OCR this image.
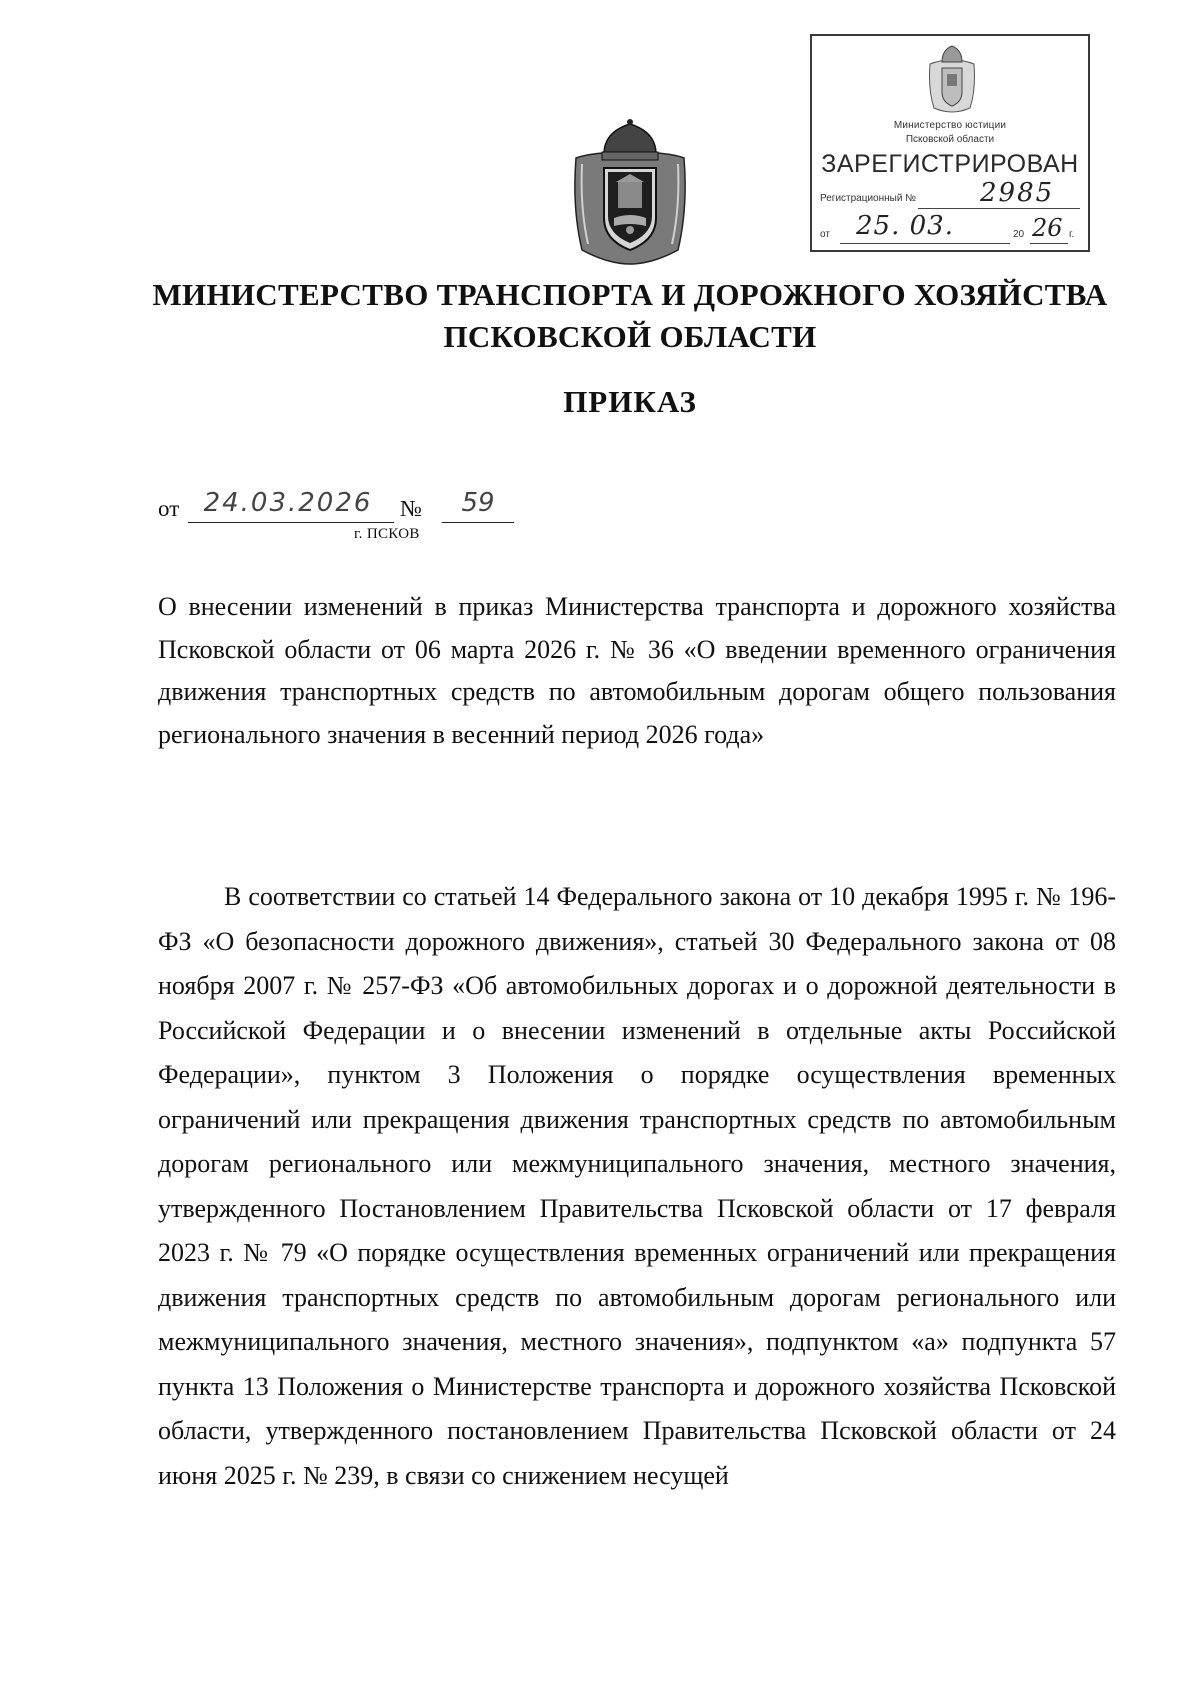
Министерство юстиции
Псковской области
ЗАРЕГИСТРИРОВАН
Регистрационный № 2985
от 25. 03.	20 26 г.
МИНИСТЕРСТВО ТРАНСПОРТА И ДОРОЖНОГО ХОЗЯЙСТВА ПСКОВСКОЙ ОБЛАСТИ
ПРИКАЗ
от 24.03.2026	№	59
г. ПСКОВ
О внесении изменений в приказ Министерства транспорта и дорожного хозяйства Псковской области от 06 марта 2026 г. № 36 «О введении временного ограничения движения транспортных средств по автомобильным дорогам общего пользования регионального значения в весенний период 2026 года»
В соответствии со статьей 14 Федерального закона от 10 декабря 1995 г. № 196-ФЗ «О безопасности дорожного движения», статьей 30 Федерального закона от 08 ноября 2007 г. № 257-ФЗ «Об автомобильных дорогах и о дорожной деятельности в Российской Федерации и о внесении изменений в отдельные акты Российской Федерации», пунктом 3 Положения о порядке осуществления временных ограничений или прекращения движения транспортных средств по автомобильным дорогам регионального или межмуниципального значения, местного значения, утвержденного Постановлением Правительства Псковской области от 17 февраля 2023 г. № 79 «О порядке осуществления временных ограничений или прекращения движения транспортных средств по автомобильным дорогам регионального или межмуниципального значения, местного значения», подпунктом «а» подпункта 57 пункта 13 Положения о Министерстве транспорта и дорожного хозяйства Псковской области, утвержденного постановлением Правительства Псковской области от 24 июня 2025 г. № 239, в связи со снижением несущей
